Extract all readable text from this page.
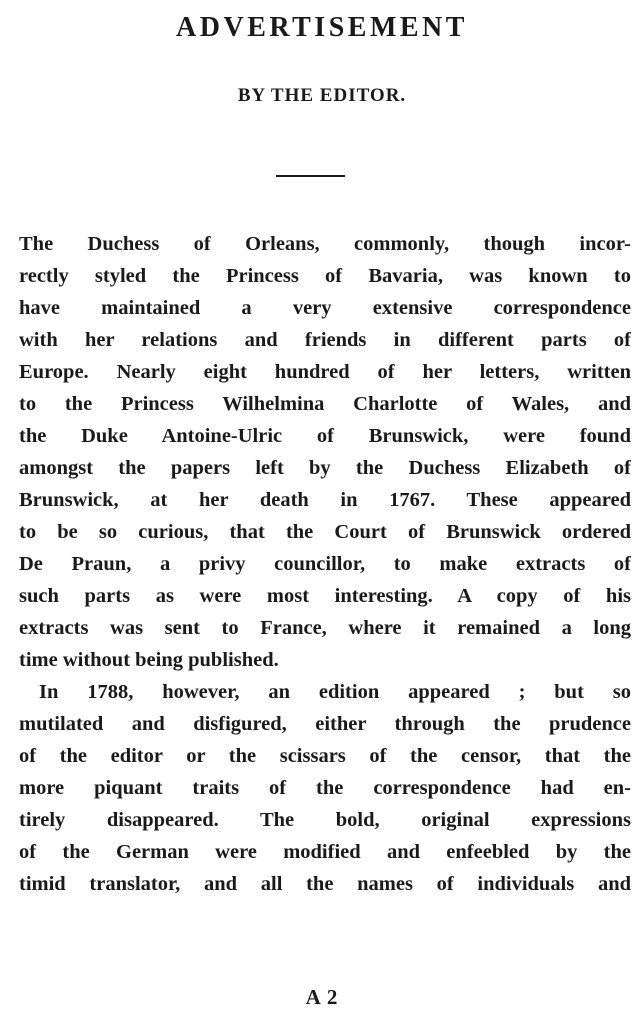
ADVERTISEMENT
BY THE EDITOR.
The Duchess of Orleans, commonly, though incor-
rectly styled the Princess of Bavaria, was known to
have maintained a very extensive correspondence
with her relations and friends in different parts of
Europe. Nearly eight hundred of her letters, written
to the Princess Wilhelmina Charlotte of Wales, and
the Duke Antoine-Ulric of Brunswick, were found
amongst the papers left by the Duchess Elizabeth of
Brunswick, at her death in 1767. These appeared
to be so curious, that the Court of Brunswick ordered
De Praun, a privy councillor, to make extracts of
such parts as were most interesting. A copy of his
extracts was sent to France, where it remained a long
time without being published.
In 1788, however, an edition appeared ; but so
mutilated and disfigured, either through the prudence
of the editor or the scissars of the censor, that the
more piquant traits of the correspondence had en-
tirely disappeared. The bold, original expressions
of the German were modified and enfeebled by the
timid translator, and all the names of individuals and
A 2
